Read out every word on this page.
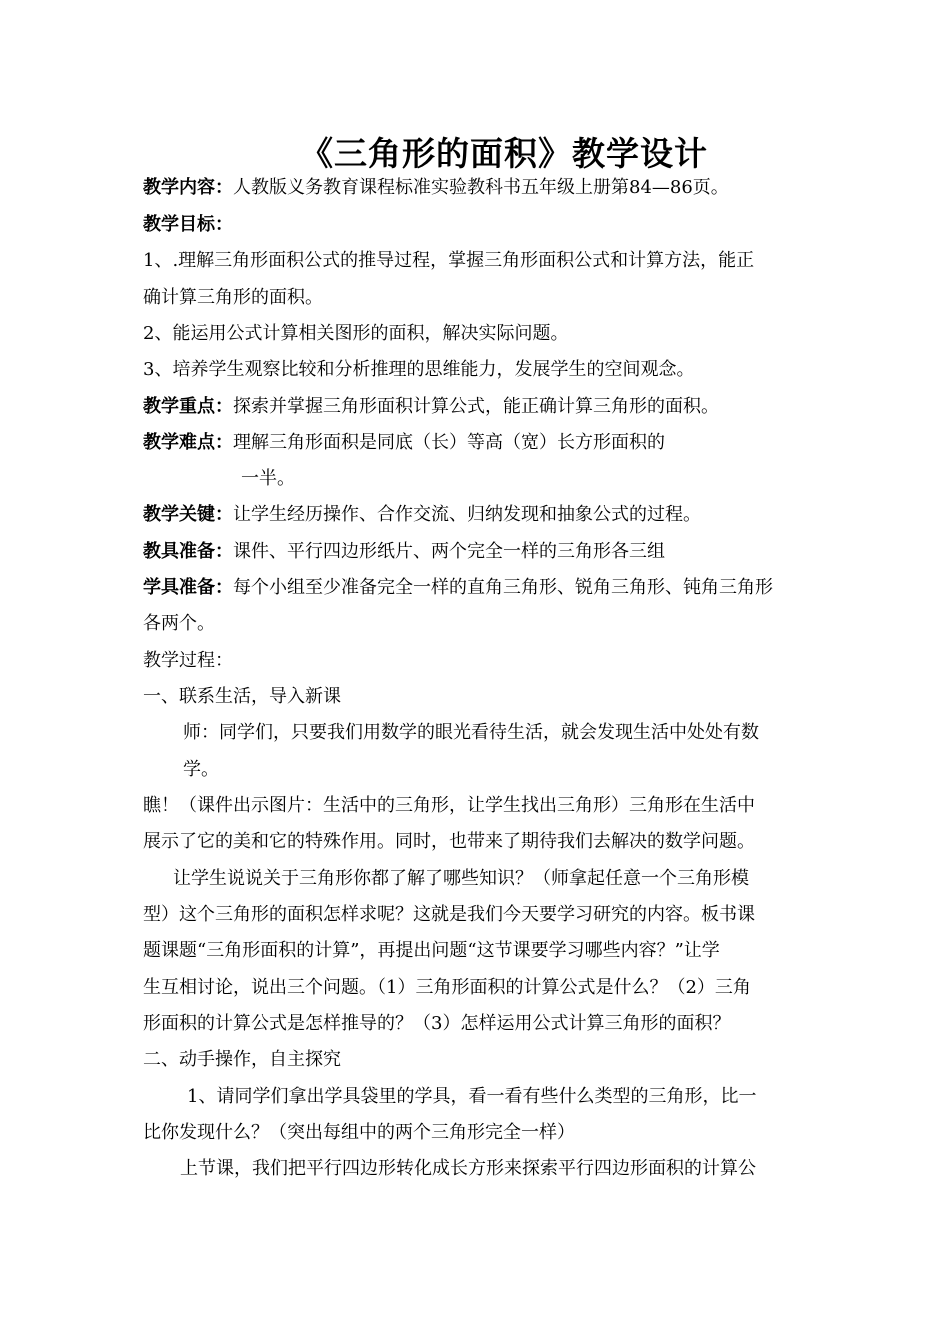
《三角形的面积》教学设计
教学内容：人教版义务教育课程标准实验教科书五年级上册第84—86页。
教学目标：
1、.理解三角形面积公式的推导过程，掌握三角形面积公式和计算方法，能正
确计算三角形的面积。
2、能运用公式计算相关图形的面积，解决实际问题。
3、培养学生观察比较和分析推理的思维能力，发展学生的空间观念。
教学重点：探索并掌握三角形面积计算公式，能正确计算三角形的面积。
教学难点：理解三角形面积是同底（长）等高（宽）长方形面积的
一半。
教学关键：让学生经历操作、合作交流、归纳发现和抽象公式的过程。
教具准备：课件、平行四边形纸片、两个完全一样的三角形各三组
学具准备：每个小组至少准备完全一样的直角三角形、锐角三角形、钝角三角形
各两个。
教学过程：
一、联系生活，导入新课
师：同学们，只要我们用数学的眼光看待生活，就会发现生活中处处有数
学。
瞧！（课件出示图片：生活中的三角形，让学生找出三角形）三角形在生活中
展示了它的美和它的特殊作用。同时，也带来了期待我们去解决的数学问题。
让学生说说关于三角形你都了解了哪些知识？（师拿起任意一个三角形模
型）这个三角形的面积怎样求呢？这就是我们今天要学习研究的内容。板书课
题课题“三角形面积的计算”，再提出问题“这节课要学习哪些内容？”让学
生互相讨论，说出三个问题。（1）三角形面积的计算公式是什么？（2）三角
形面积的计算公式是怎样推导的？（3）怎样运用公式计算三角形的面积？
二、动手操作，自主探究
1、请同学们拿出学具袋里的学具，看一看有些什么类型的三角形，比一
比你发现什么？（突出每组中的两个三角形完全一样）
上节课，我们把平行四边形转化成长方形来探索平行四边形面积的计算公
